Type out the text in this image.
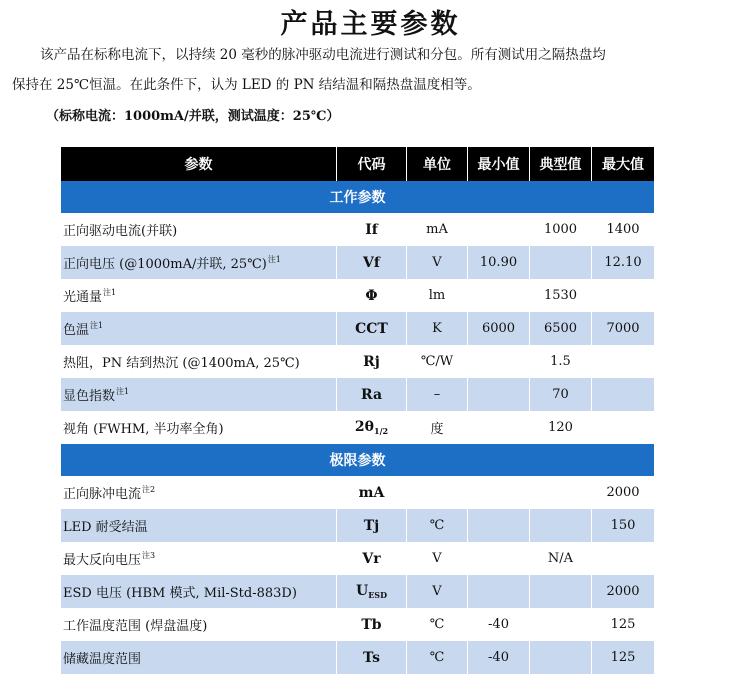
产品主要参数
该产品在标称电流下，以持续 20 毫秒的脉冲驱动电流进行测试和分包。所有测试用之隔热盘均
保持在 25℃恒温。在此条件下，认为 LED 的 PN 结结温和隔热盘温度相等。
（标称电流：1000mA/并联，测试温度：25℃）
参数	代码	单位	最小值	典型值	最大值
工作参数					
正向驱动电流(并联)	If	mA		1000	1400
正向电压 (@1000mA/并联, 25℃)$^{注1}$	Vf	V	10.90		12.10
光通量$^{注1}$	Φ	lm		1530	
色温$^{注1}$	CCT	K	6000	6500	7000
热阻，PN 结到热沉 (@1400mA, 25℃)	Rj	℃/W		1.5	
显色指数$^{注1}$	Ra	–		70	
视角 (FWHM, 半功率全角)	$2\theta_{1/2}$	度		120	
极限参数					
正向脉冲电流$^{注2}$	mA				2000
LED 耐受结温	Tj	℃			150
最大反向电压$^{注3}$	Vr	V		N/A	
ESD 电压 (HBM 模式, Mil-Std-883D)	$U_{ESD}$	V			2000
工作温度范围 (焊盘温度)	Tb	℃	-40		125
储藏温度范围	Ts	℃	-40		125
